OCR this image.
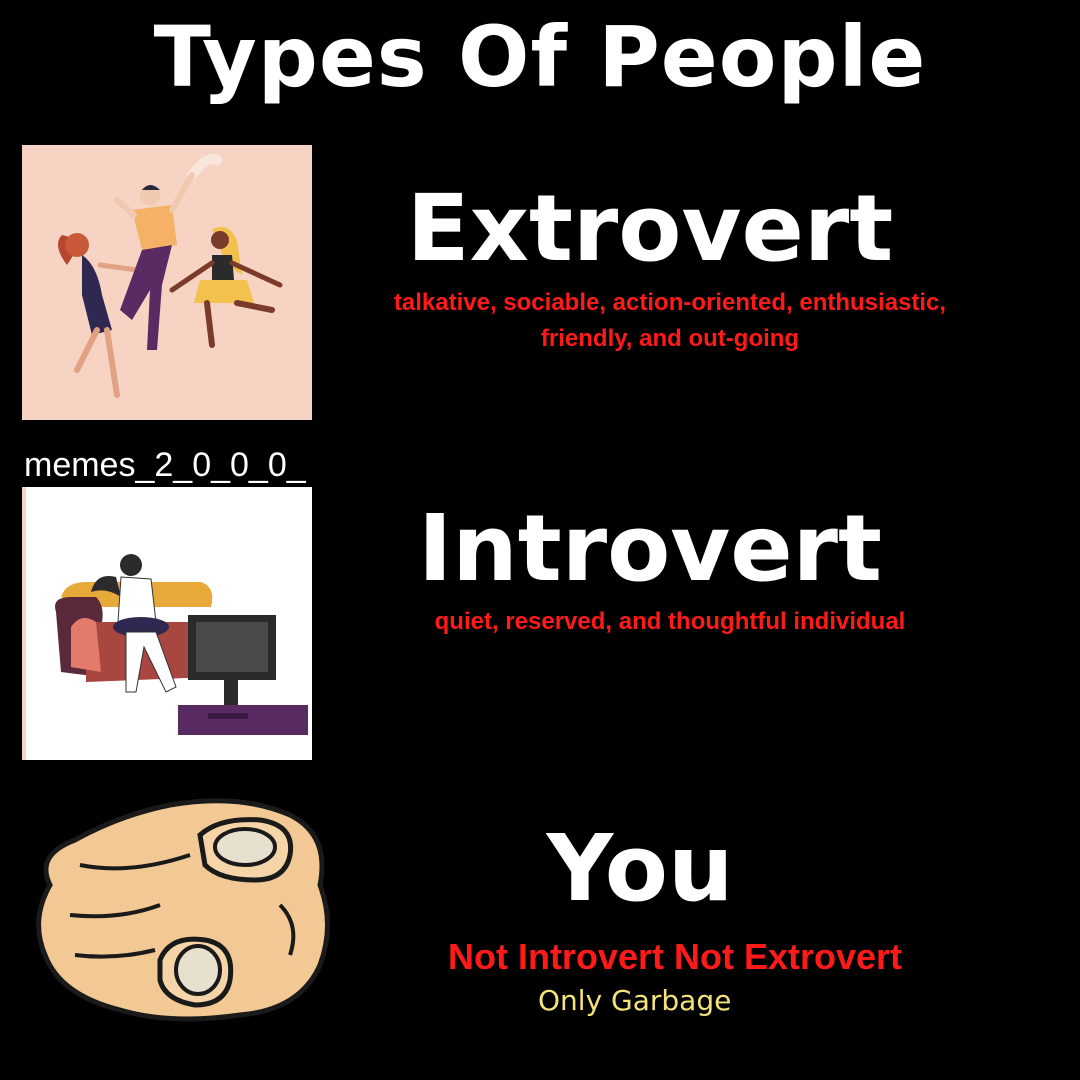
Types Of People
Extrovert
talkative, sociable, action-oriented, enthusiastic,
friendly, and out-going
memes_2_0_0_0_
Introvert
quiet, reserved, and thoughtful individual
You
Not Introvert Not Extrovert
Only Garbage
